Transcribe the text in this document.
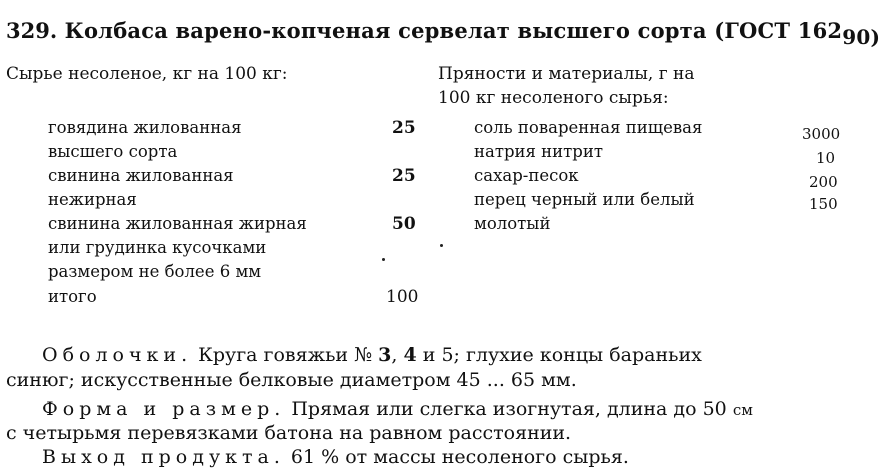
329. Колбаса варено-копченая сервелат высшего сорта (ГОСТ 16290)
Сырье несоленое, кг на 100 кг:
говядина жилованная	25
высшего сорта
свинина жилованная	25
нежирная
свинина жилованная жирная	50
или грудинка кусочками
размером не более 6 мм
итого	100
Пряности и материалы, г на
100 кг несоленого сырья:
соль поваренная пищевая	3000
натрия нитрит	10
сахар-песок	200
перец черный или белый	150
молотый
Оболочки. Круга говяжьи № 3, 4 и 5; глухие концы бараньих
синюг; искусственные белковые диаметром 45 ... 65 мм.
Форма и размер. Прямая или слегка изогнутая, длина до 50 см
с четырьмя перевязками батона на равном расстоянии.
Выход продукта. 61 % от массы несоленого сырья.
